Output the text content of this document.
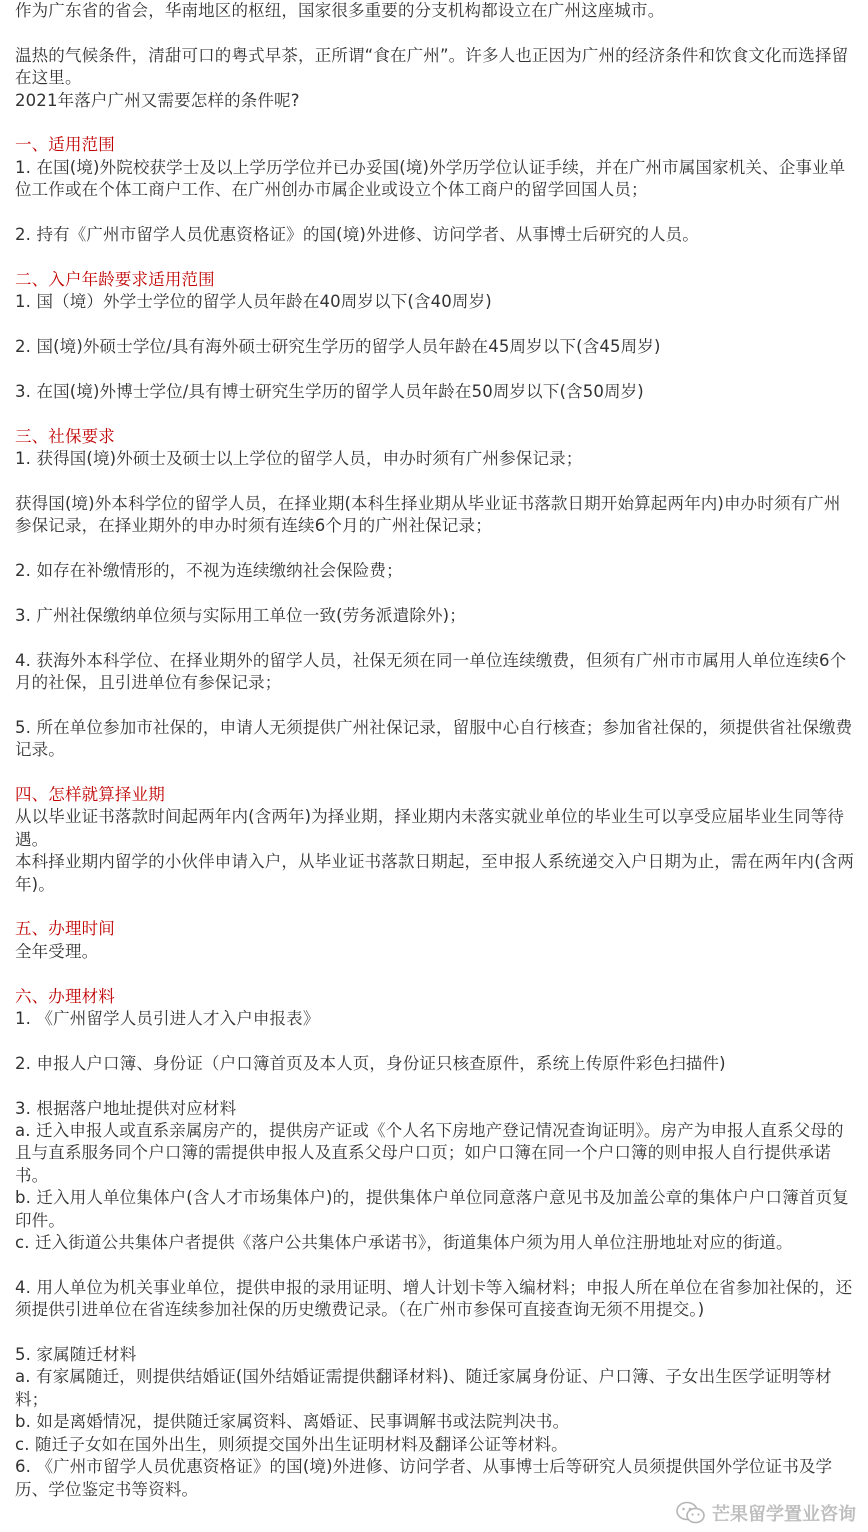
作为广东省的省会，华南地区的枢纽，国家很多重要的分支机构都设立在广州这座城市。
温热的气候条件，清甜可口的粤式早茶，正所谓“食在广州”。许多人也正因为广州的经济条件和饮食文化而选择留在这里。
2021年落户广州又需要怎样的条件呢?
一、适用范围
1. 在国(境)外院校获学士及以上学历学位并已办妥国(境)外学历学位认证手续，并在广州市属国家机关、企事业单位工作或在个体工商户工作、在广州创办市属企业或设立个体工商户的留学回国人员；
2. 持有《广州市留学人员优惠资格证》的国(境)外进修、访问学者、从事博士后研究的人员。
二、入户年龄要求适用范围
1. 国（境）外学士学位的留学人员年龄在40周岁以下(含40周岁)
2. 国(境)外硕士学位/具有海外硕士研究生学历的留学人员年龄在45周岁以下(含45周岁)
3. 在国(境)外博士学位/具有博士研究生学历的留学人员年龄在50周岁以下(含50周岁)
三、社保要求
1. 获得国(境)外硕士及硕士以上学位的留学人员，申办时须有广州参保记录；
获得国(境)外本科学位的留学人员，在择业期(本科生择业期从毕业证书落款日期开始算起两年内)申办时须有广州参保记录，在择业期外的申办时须有连续6个月的广州社保记录；
2. 如存在补缴情形的，不视为连续缴纳社会保险费；
3. 广州社保缴纳单位须与实际用工单位一致(劳务派遣除外)；
4. 获海外本科学位、在择业期外的留学人员，社保无须在同一单位连续缴费，但须有广州市市属用人单位连续6个月的社保，且引进单位有参保记录；
5. 所在单位参加市社保的，申请人无须提供广州社保记录，留服中心自行核查；参加省社保的，须提供省社保缴费记录。
四、怎样就算择业期
从以毕业证书落款时间起两年内(含两年)为择业期，择业期内未落实就业单位的毕业生可以享受应届毕业生同等待遇。
本科择业期内留学的小伙伴申请入户，从毕业证书落款日期起，至申报人系统递交入户日期为止，需在两年内(含两年)。
五、办理时间
全年受理。
六、办理材料
1. 《广州留学人员引进人才入户申报表》
2. 申报人户口簿、身份证（户口簿首页及本人页，身份证只核查原件，系统上传原件彩色扫描件)
3. 根据落户地址提供对应材料
a. 迁入申报人或直系亲属房产的，提供房产证或《个人名下房地产登记情况查询证明》。房产为申报人直系父母的且与直系服务同个户口簿的需提供申报人及直系父母户口页；如户口簿在同一个户口簿的则申报人自行提供承诺书。
b. 迁入用人单位集体户(含人才市场集体户)的，提供集体户单位同意落户意见书及加盖公章的集体户户口簿首页复印件。
c. 迁入街道公共集体户者提供《落户公共集体户承诺书》，街道集体户须为用人单位注册地址对应的街道。
4. 用人单位为机关事业单位，提供申报的录用证明、增人计划卡等入编材料；申报人所在单位在省参加社保的，还须提供引进单位在省连续参加社保的历史缴费记录。（在广州市参保可直接查询无须不用提交。)
5. 家属随迁材料
a. 有家属随迁，则提供结婚证(国外结婚证需提供翻译材料)、随迁家属身份证、户口簿、子女出生医学证明等材料；
b. 如是离婚情况，提供随迁家属资料、离婚证、民事调解书或法院判决书。
c. 随迁子女如在国外出生，则须提交国外出生证明材料及翻译公证等材料。
6. 《广州市留学人员优惠资格证》的国(境)外进修、访问学者、从事博士后等研究人员须提供国外学位证书及学历、学位鉴定书等资料。
芒果留学置业咨询
